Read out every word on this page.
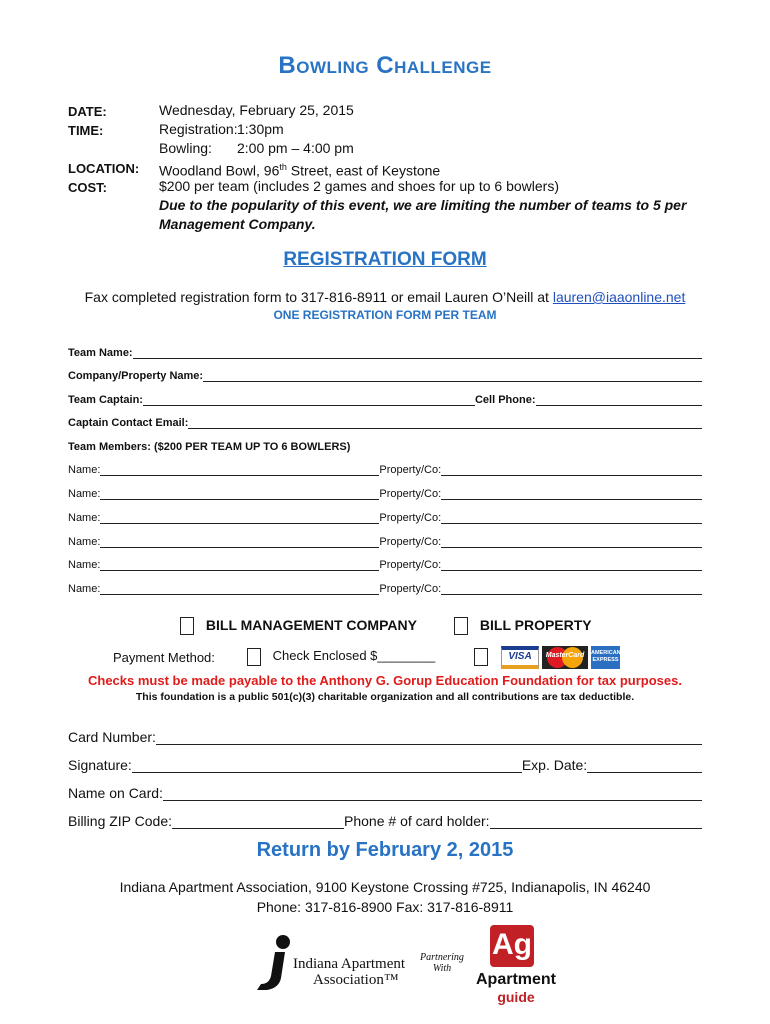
Bowling Challenge
DATE:	Wednesday, February 25, 2015
TIME:	Registration:1:30pm
Bowling: 2:00 pm – 4:00 pm
LOCATION: Woodland Bowl, 96th Street, east of Keystone
COST:	$200 per team (includes 2 games and shoes for up to 6 bowlers)
Due to the popularity of this event, we are limiting the number of teams to 5 per
Management Company.
REGISTRATION FORM
Fax completed registration form to 317-816-8911 or email Lauren O’Neill at lauren@iaaonline.net
ONE REGISTRATION FORM PER TEAM
Team Name:
Company/Property Name:
Team Captain:	Cell Phone:
Captain Contact Email:
Team Members: ($200 PER TEAM UP TO 6 BOWLERS)
Name:	Property/Co:
Name:	Property/Co:
Name:	Property/Co:
Name:	Property/Co:
Name:	Property/Co:
Name:	Property/Co:
BILL MANAGEMENT COMPANY	BILL PROPERTY
Payment Method:	Check Enclosed $________	VISA	MasterCard	AMERICAN EXPRESS
Checks must be made payable to the Anthony G. Gorup Education Foundation for tax purposes.
This foundation is a public 501(c)(3) charitable organization and all contributions are tax deductible.
Card Number:
Signature:	Exp. Date:
Name on Card:
Billing ZIP Code:	Phone # of card holder:
Return by February 2, 2015
Indiana Apartment Association, 9100 Keystone Crossing #725, Indianapolis, IN 46240
Phone: 317-816-8900 Fax: 317-816-8911
Indiana Apartment
Association™
Partnering
With
Ag
Apartment
guide
